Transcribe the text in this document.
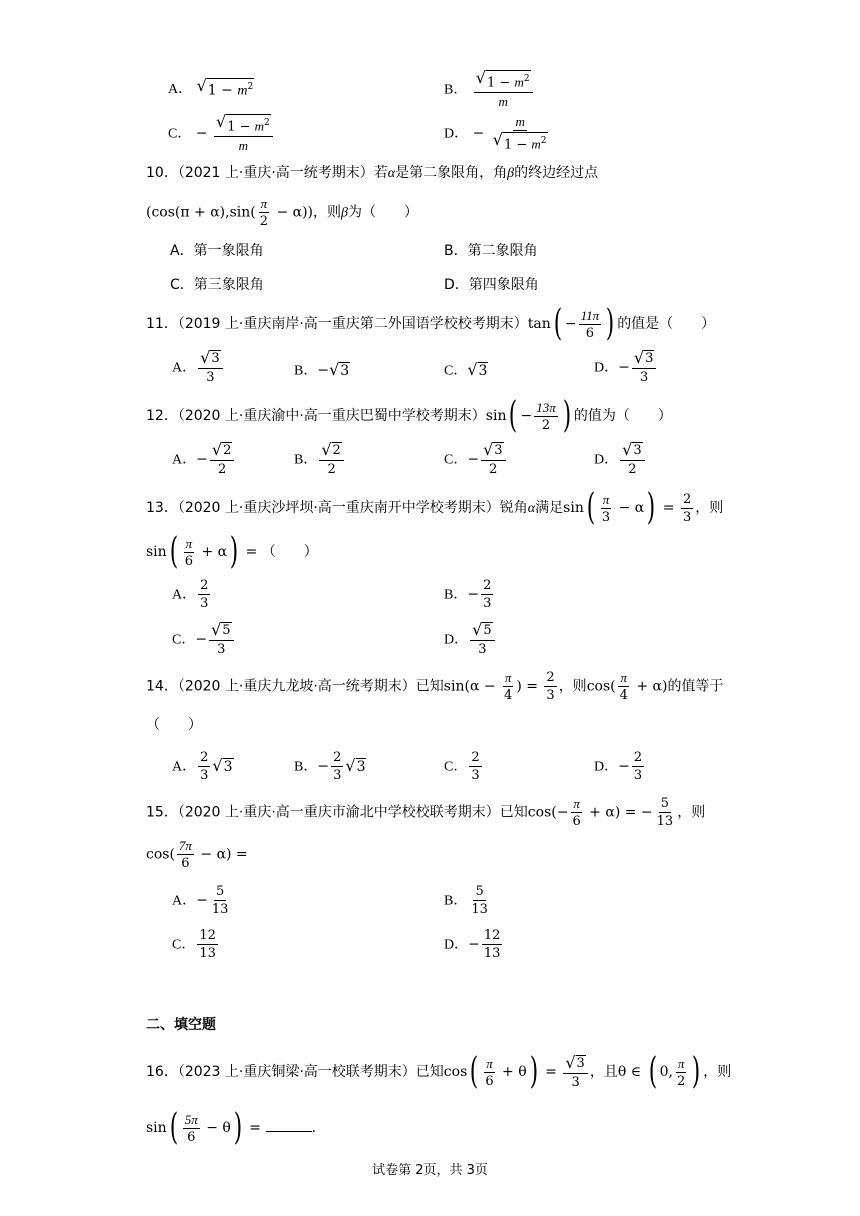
A． √ $1 - m^2$	B． $\frac{√ 1 - m^2}{m}$
C． − $\frac{√ 1 - m^2}{m}$	D． − $\frac{m}{√ 1 - m^2}$
10．（2021 上·重庆·高一统考期末）若α是第二象限角，角β的终边经过点
$(\cos(\pi + \alpha),\sin( \frac{\pi}{2} - \alpha))$，则β为（　　）
A．第一象限角	B．第二象限角
C．第三象限角	D．第四象限角
11．（2019 上·重庆南岸·高一重庆第二外国语学校校考期末）$\tan( - \frac{11\pi}{6}$ ) 的值是（　　）
A． $\frac{√ 3}{3}$	B．− √ 3	C． √ 3	D．− $\frac{√ 3}{3}$
12．（2020 上·重庆渝中·高一重庆巴蜀中学校考期末）$\sin( - \frac{13\pi}{2}$ ) 的值为（　　）
A．− $\frac{√ 2}{2}$	B． $\frac{√ 2}{2}$	C．− $\frac{√ 3}{2}$	D． $\frac{√ 3}{2}$
13．（2020 上·重庆沙坪坝·高一重庆南开中学校考期末）锐角α满足$\sin( \frac{\pi}{3} - \alpha) = \frac{2}{3}$ ，则
$\sin( \frac{\pi}{6} + \alpha)$ = （　　）
A． $\frac{2}{3}$	B．− $\frac{2}{3}$
C．− $\frac{√ 5}{3}$	D． $\frac{√ 5}{3}$
14．（2020 上·重庆九龙坡·高一统考期末）已知$\sin(\alpha - \frac{\pi}{4}$ ) = $\frac{2}{3}$ ，则$\cos( \frac{\pi}{4} + \alpha)$的值等于
（　　）
A． $\frac{2}{3}$ √ 3	B．− $\frac{2}{3}$ √ 3	C． $\frac{2}{3}$	D．− $\frac{2}{3}$
15．（2020 上·重庆·高一重庆市渝北中学校校联考期末）已知$\cos(- \frac{\pi}{6} + \alpha)$ = − $\frac{5}{13}$ ，则
$\cos( \frac{7\pi}{6} - \alpha)$ =
A．− $\frac{5}{13}$	B． $\frac{5}{13}$
C． $\frac{12}{13}$	D．− $\frac{12}{13}$
二、填空题
16．（2023 上·重庆铜梁·高一校联考期末）已知$\cos( \frac{\pi}{6} + \theta) = \frac{√ 3}{3}$ ，且θ ∈ ( 0, $\frac{\pi}{2}$ ) ，则
$\sin( \frac{5\pi}{6} - \theta)$ =	.
试卷第 2页，共 3页
